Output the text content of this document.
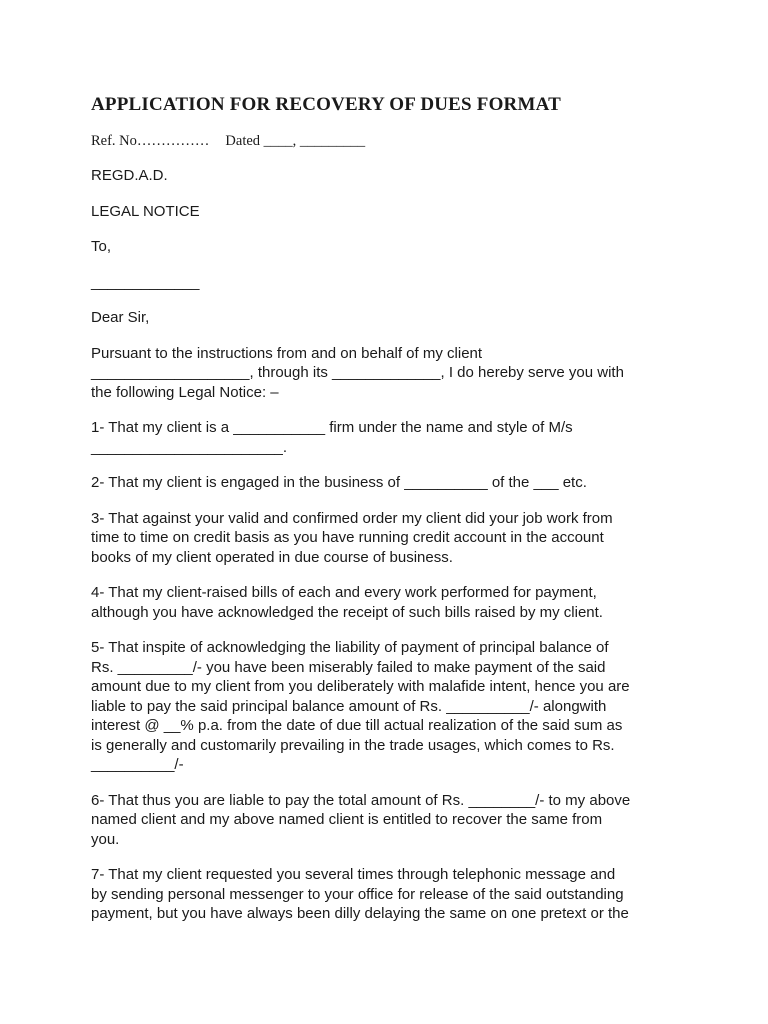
APPLICATION FOR RECOVERY OF DUES FORMAT
Ref. No…………… Dated ____, _________

REGD.A.D.

LEGAL NOTICE

To,

_____________

Dear Sir,

Pursuant to the instructions from and on behalf of my client
___________________, through its _____________, I do hereby serve you with
the following Legal Notice: –
1- That my client is a ___________ firm under the name and style of M/s
_______________________.
2- That my client is engaged in the business of __________ of the ___ etc.
3- That against your valid and confirmed order my client did your job work from
time to time on credit basis as you have running credit account in the account
books of my client operated in due course of business.
4- That my client-raised bills of each and every work performed for payment,
although you have acknowledged the receipt of such bills raised by my client.
5- That inspite of acknowledging the liability of payment of principal balance of
Rs. _________/- you have been miserably failed to make payment of the said
amount due to my client from you deliberately with malafide intent, hence you are
liable to pay the said principal balance amount of Rs. __________/- alongwith
interest @ __% p.a. from the date of due till actual realization of the said sum as
is generally and customarily prevailing in the trade usages, which comes to Rs.
__________/-
6- That thus you are liable to pay the total amount of Rs. ________/- to my above
named client and my above named client is entitled to recover the same from
you.
7- That my client requested you several times through telephonic message and
by sending personal messenger to your office for release of the said outstanding
payment, but you have always been dilly delaying the same on one pretext or the
